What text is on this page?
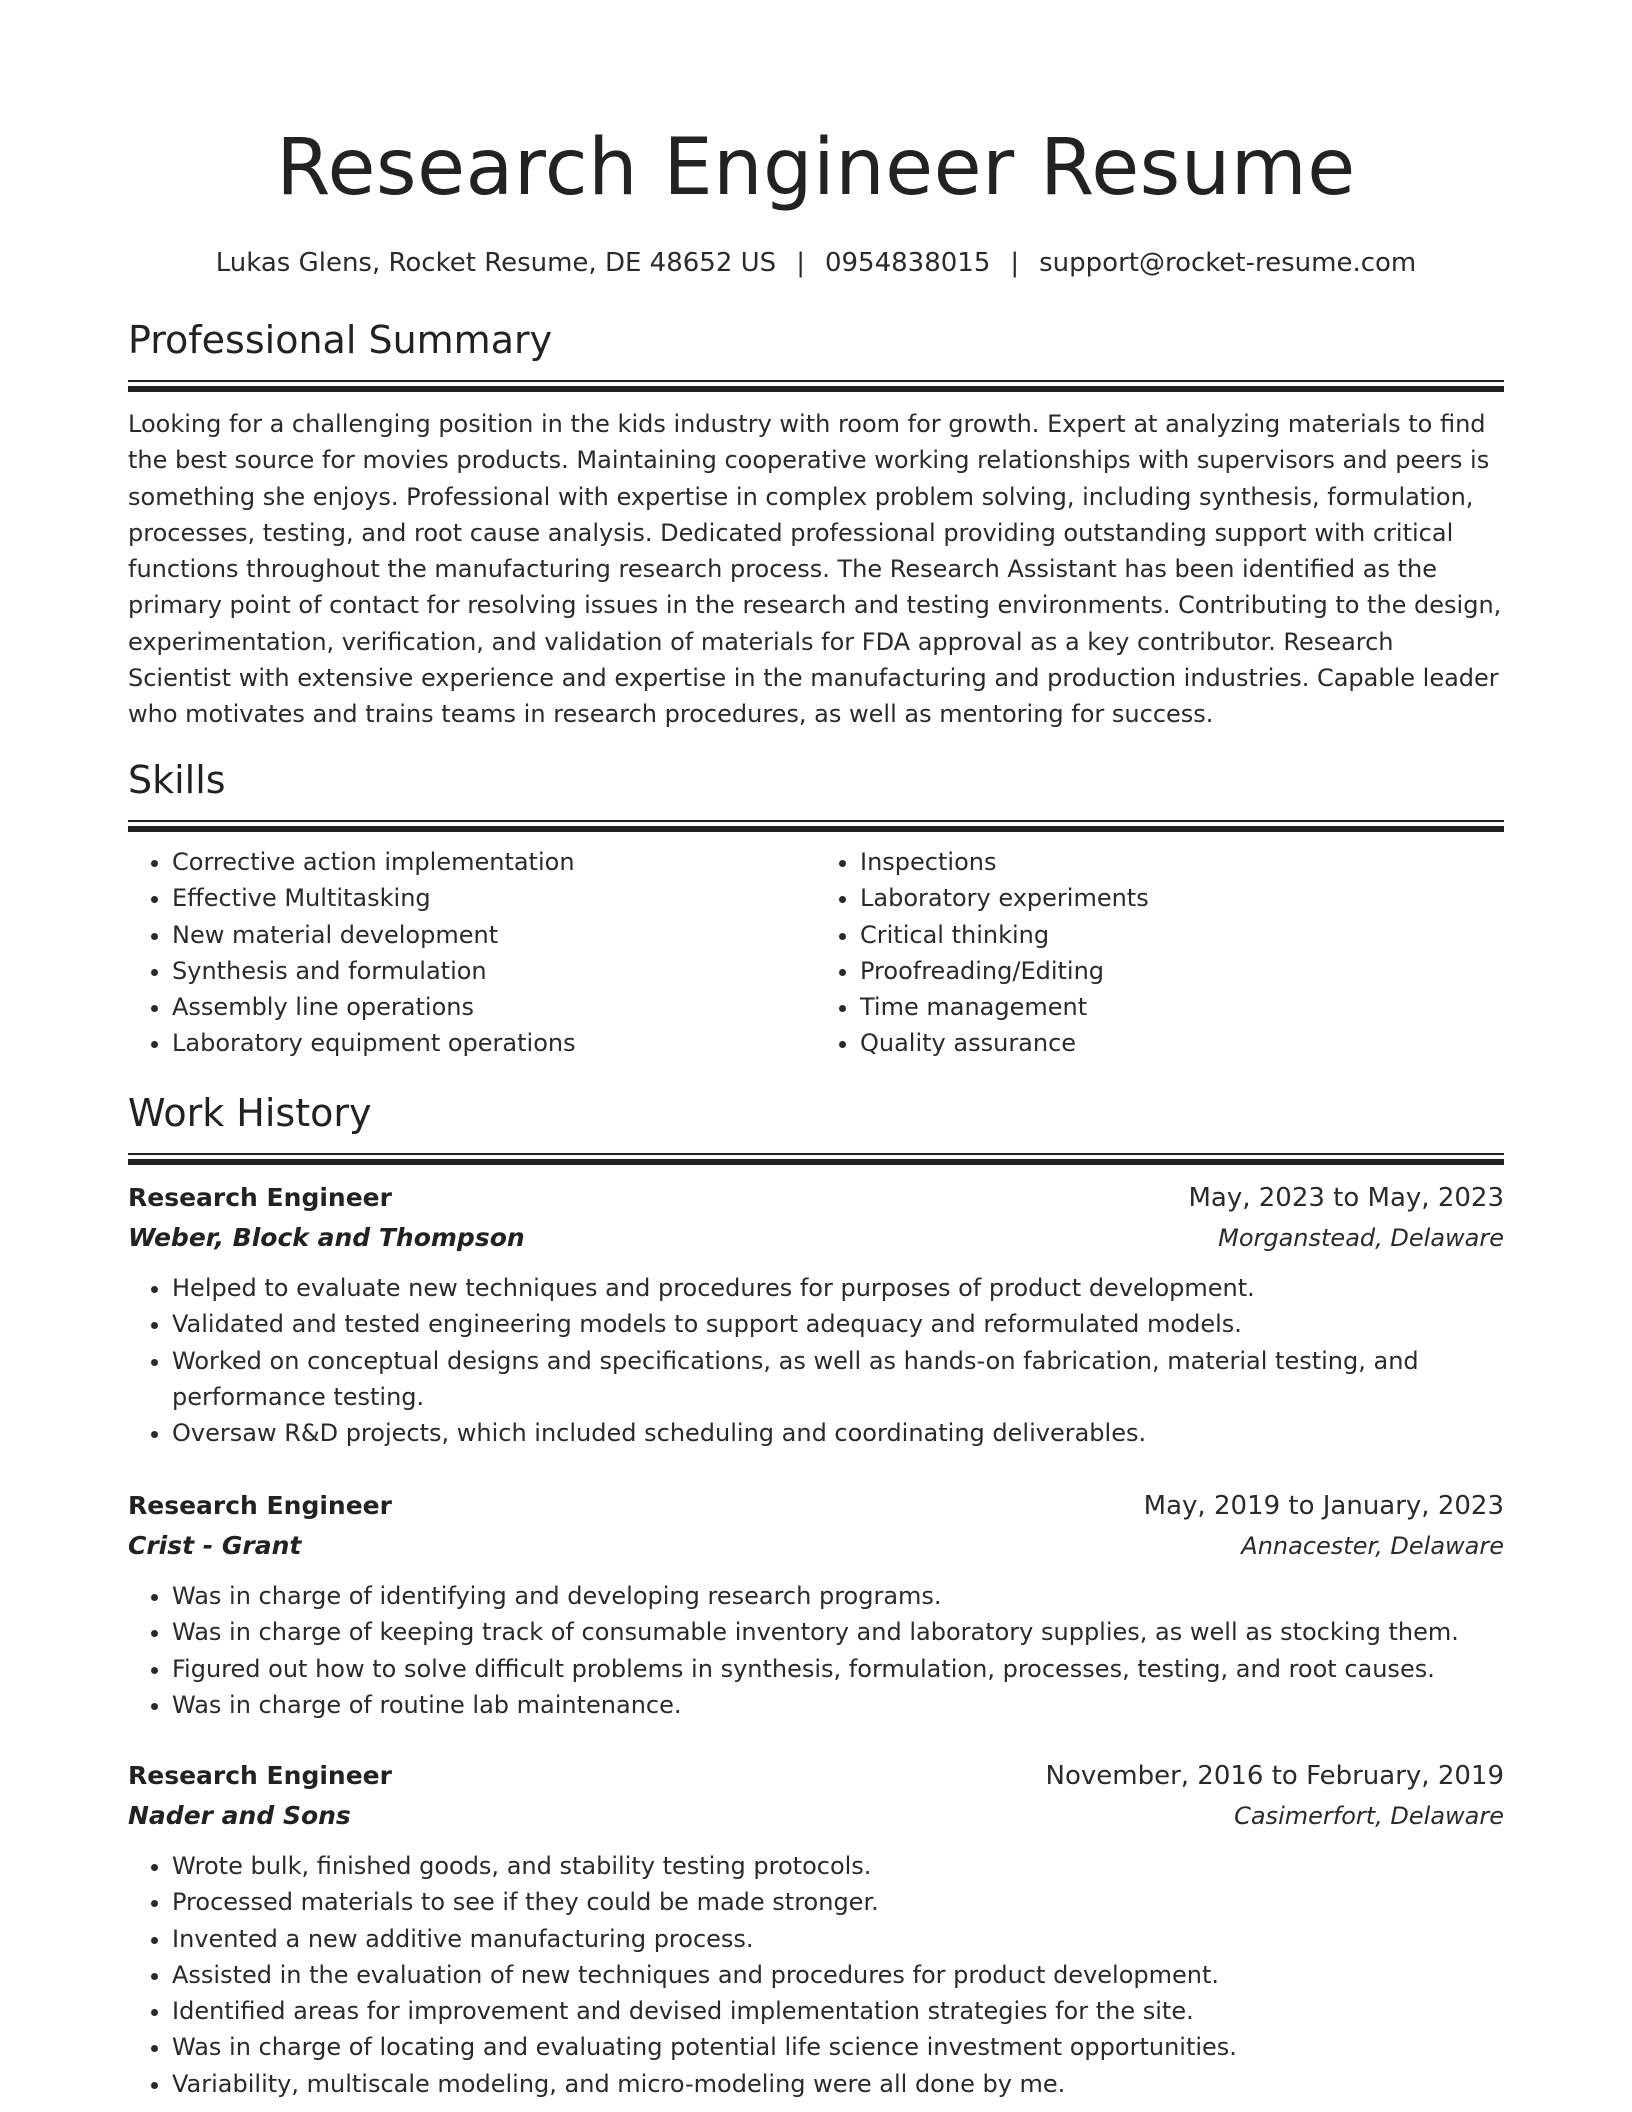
Research Engineer Resume
Lukas Glens, Rocket Resume, DE 48652 US | 0954838015 | support@rocket-resume.com
Professional Summary
Looking for a challenging position in the kids industry with room for growth. Expert at analyzing materials to find the best source for movies products. Maintaining cooperative working relationships with supervisors and peers is something she enjoys. Professional with expertise in complex problem solving, including synthesis, formulation, processes, testing, and root cause analysis. Dedicated professional providing outstanding support with critical functions throughout the manufacturing research process. The Research Assistant has been identified as the primary point of contact for resolving issues in the research and testing environments. Contributing to the design, experimentation, verification, and validation of materials for FDA approval as a key contributor. Research Scientist with extensive experience and expertise in the manufacturing and production industries. Capable leader who motivates and trains teams in research procedures, as well as mentoring for success.
Skills
• Corrective action implementation
• Effective Multitasking
• New material development
• Synthesis and formulation
• Assembly line operations
• Laboratory equipment operations
• Inspections
• Laboratory experiments
• Critical thinking
• Proofreading/Editing
• Time management
• Quality assurance
Work History
Research Engineer	May, 2023 to May, 2023
Weber, Block and Thompson	Morganstead, Delaware
• Helped to evaluate new techniques and procedures for purposes of product development.
• Validated and tested engineering models to support adequacy and reformulated models.
• Worked on conceptual designs and specifications, as well as hands-on fabrication, material testing, and performance testing.
• Oversaw R&D projects, which included scheduling and coordinating deliverables.
Research Engineer	May, 2019 to January, 2023
Crist - Grant	Annacester, Delaware
• Was in charge of identifying and developing research programs.
• Was in charge of keeping track of consumable inventory and laboratory supplies, as well as stocking them.
• Figured out how to solve difficult problems in synthesis, formulation, processes, testing, and root causes.
• Was in charge of routine lab maintenance.
Research Engineer	November, 2016 to February, 2019
Nader and Sons	Casimerfort, Delaware
• Wrote bulk, finished goods, and stability testing protocols.
• Processed materials to see if they could be made stronger.
• Invented a new additive manufacturing process.
• Assisted in the evaluation of new techniques and procedures for product development.
• Identified areas for improvement and devised implementation strategies for the site.
• Was in charge of locating and evaluating potential life science investment opportunities.
• Variability, multiscale modeling, and micro-modeling were all done by me.
